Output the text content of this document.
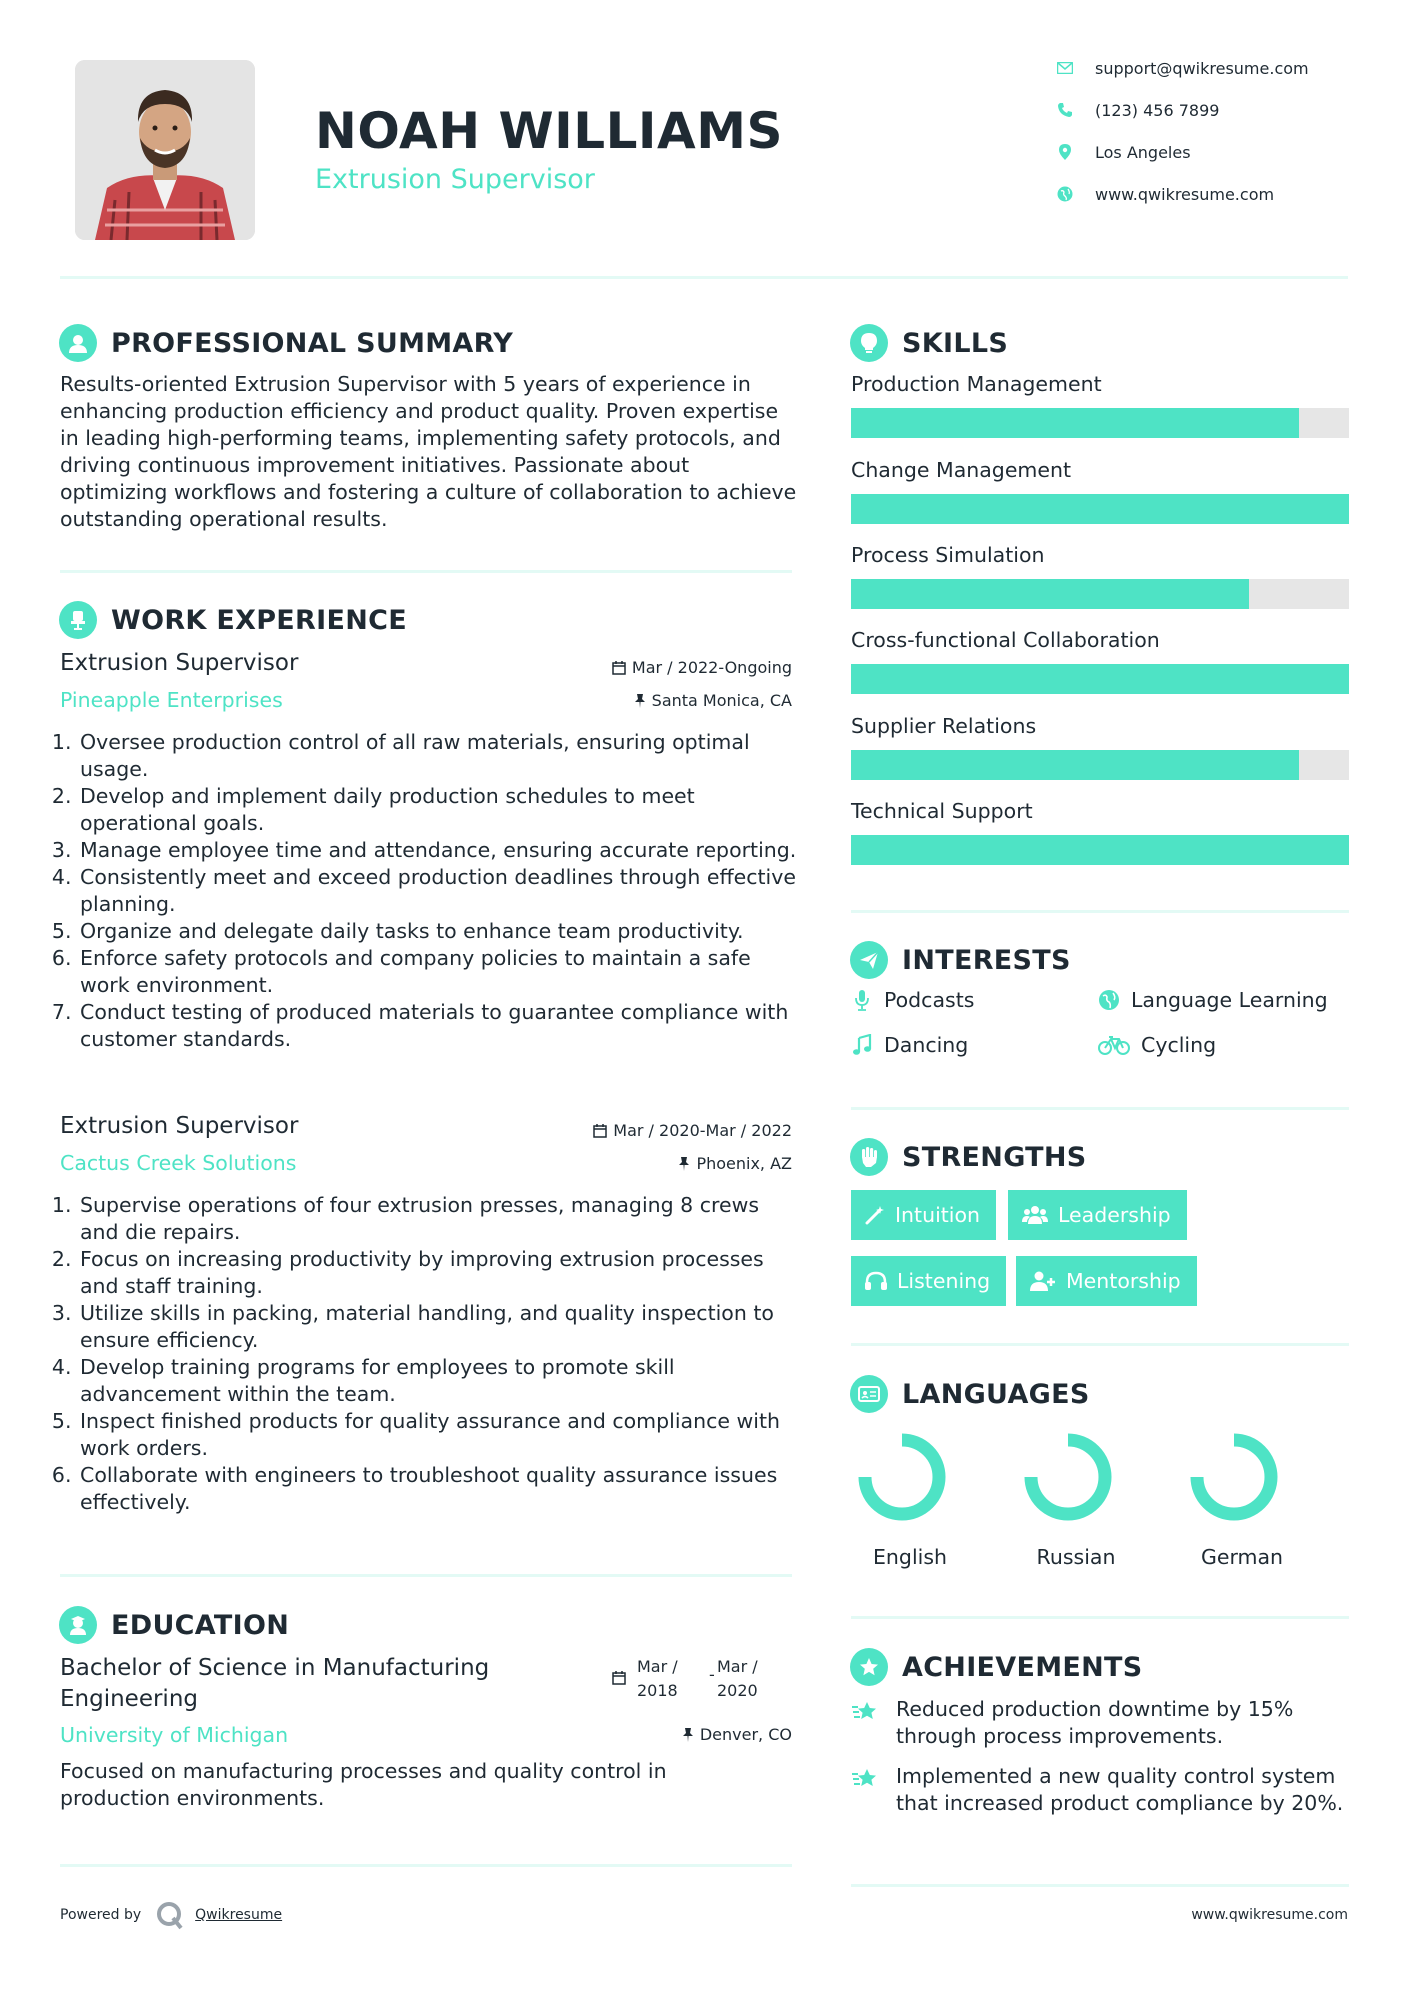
NOAH WILLIAMS
Extrusion Supervisor
support@qwikresume.com
(123) 456 7899
Los Angeles
www.qwikresume.com
PROFESSIONAL SUMMARY
Results-oriented Extrusion Supervisor with 5 years of experience in enhancing production efficiency and product quality. Proven expertise in leading high-performing teams, implementing safety protocols, and driving continuous improvement initiatives. Passionate about optimizing workflows and fostering a culture of collaboration to achieve outstanding operational results.
WORK EXPERIENCE
Extrusion Supervisor	Mar / 2022-Ongoing
Pineapple Enterprises	Santa Monica, CA
1. Oversee production control of all raw materials, ensuring optimal usage.
2. Develop and implement daily production schedules to meet operational goals.
3. Manage employee time and attendance, ensuring accurate reporting.
4. Consistently meet and exceed production deadlines through effective planning.
5. Organize and delegate daily tasks to enhance team productivity.
6. Enforce safety protocols and company policies to maintain a safe work environment.
7. Conduct testing of produced materials to guarantee compliance with customer standards.
Extrusion Supervisor	Mar / 2020-Mar / 2022
Cactus Creek Solutions	Phoenix, AZ
1. Supervise operations of four extrusion presses, managing 8 crews and die repairs.
2. Focus on increasing productivity by improving extrusion processes and staff training.
3. Utilize skills in packing, material handling, and quality inspection to ensure efficiency.
4. Develop training programs for employees to promote skill advancement within the team.
5. Inspect finished products for quality assurance and compliance with work orders.
6. Collaborate with engineers to troubleshoot quality assurance issues effectively.
EDUCATION
Bachelor of Science in Manufacturing Engineering
Mar /
2018
- Mar /
2020
University of Michigan	Denver, CO
Focused on manufacturing processes and quality control in production environments.
SKILLS
Production Management
Change Management
Process Simulation
Cross-functional Collaboration
Supplier Relations
Technical Support
INTERESTS
Podcasts	Language Learning
Dancing	Cycling
STRENGTHS
Intuition	Leadership
Listening	Mentorship
LANGUAGES
English	Russian	German
ACHIEVEMENTS
Reduced production downtime by 15% through process improvements.
Implemented a new quality control system that increased product compliance by 20%.
Powered by	Qwikresume	www.qwikresume.com
